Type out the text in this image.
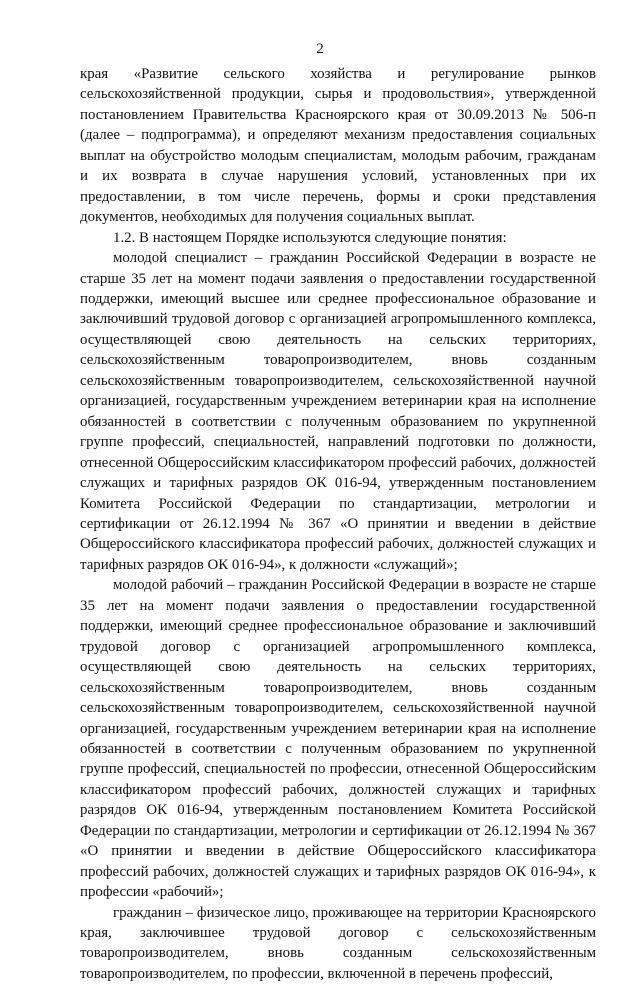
2

края «Развитие сельского хозяйства и регулирование рынков сельскохозяйственной продукции, сырья и продовольствия», утвержденной постановлением Правительства Красноярского края от 30.09.2013 № 506-п (далее – подпрограмма), и определяют механизм предоставления социальных выплат на обустройство молодым специалистам, молодым рабочим, гражданам и их возврата в случае нарушения условий, установленных при их предоставлении, в том числе перечень, формы и сроки представления документов, необходимых для получения социальных выплат.

1.2. В настоящем Порядке используются следующие понятия:

молодой специалист – гражданин Российской Федерации в возрасте не старше 35 лет на момент подачи заявления о предоставлении государственной поддержки, имеющий высшее или среднее профессиональное образование и заключивший трудовой договор с организацией агропромышленного комплекса, осуществляющей свою деятельность на сельских территориях, сельскохозяйственным товаропроизводителем, вновь созданным сельскохозяйственным товаропроизводителем, сельскохозяйственной научной организацией, государственным учреждением ветеринарии края на исполнение обязанностей в соответствии с полученным образованием по укрупненной группе профессий, специальностей, направлений подготовки по должности, отнесенной Общероссийским классификатором профессий рабочих, должностей служащих и тарифных разрядов ОК 016-94, утвержденным постановлением Комитета Российской Федерации по стандартизации, метрологии и сертификации от 26.12.1994 № 367 «О принятии и введении в действие Общероссийского классификатора профессий рабочих, должностей служащих и тарифных разрядов ОК 016-94», к должности «служащий»;

молодой рабочий – гражданин Российской Федерации в возрасте не старше 35 лет на момент подачи заявления о предоставлении государственной поддержки, имеющий среднее профессиональное образование и заключивший трудовой договор с организацией агропромышленного комплекса, осуществляющей свою деятельность на сельских территориях, сельскохозяйственным товаропроизводителем, вновь созданным сельскохозяйственным товаропроизводителем, сельскохозяйственной научной организацией, государственным учреждением ветеринарии края на исполнение обязанностей в соответствии с полученным образованием по укрупненной группе профессий, специальностей по профессии, отнесенной Общероссийским классификатором профессий рабочих, должностей служащих и тарифных разрядов ОК 016-94, утвержденным постановлением Комитета Российской Федерации по стандартизации, метрологии и сертификации от 26.12.1994 № 367 «О принятии и введении в действие Общероссийского классификатора профессий рабочих, должностей служащих и тарифных разрядов ОК 016-94», к профессии «рабочий»;

гражданин – физическое лицо, проживающее на территории Красноярского края, заключившее трудовой договор с сельскохозяйственным товаропроизводителем, вновь созданным сельскохозяйственным товаропроизводителем, по профессии, включенной в перечень профессий,
